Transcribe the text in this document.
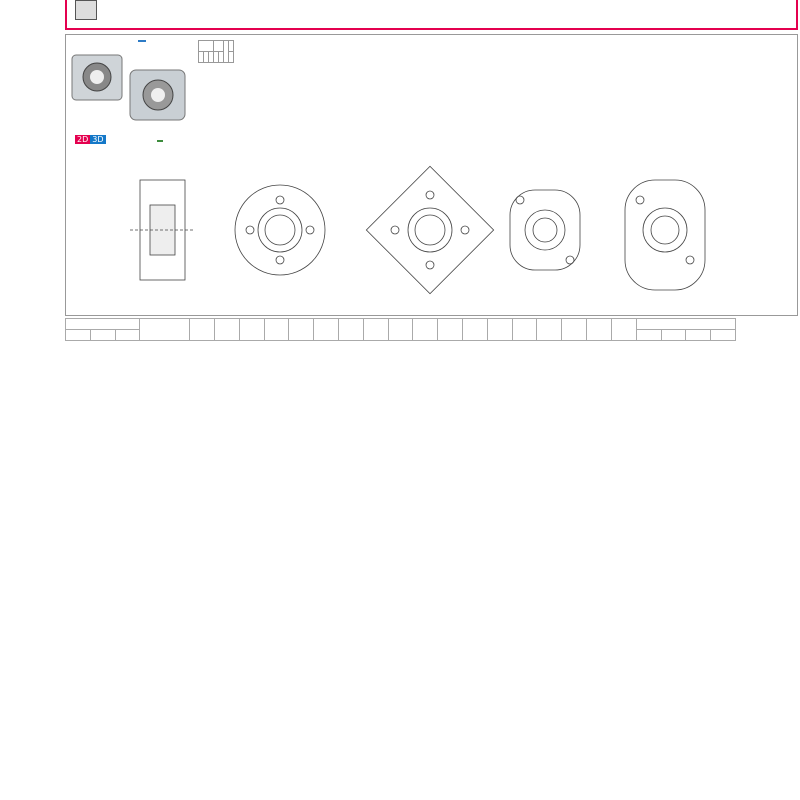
2D 3D
